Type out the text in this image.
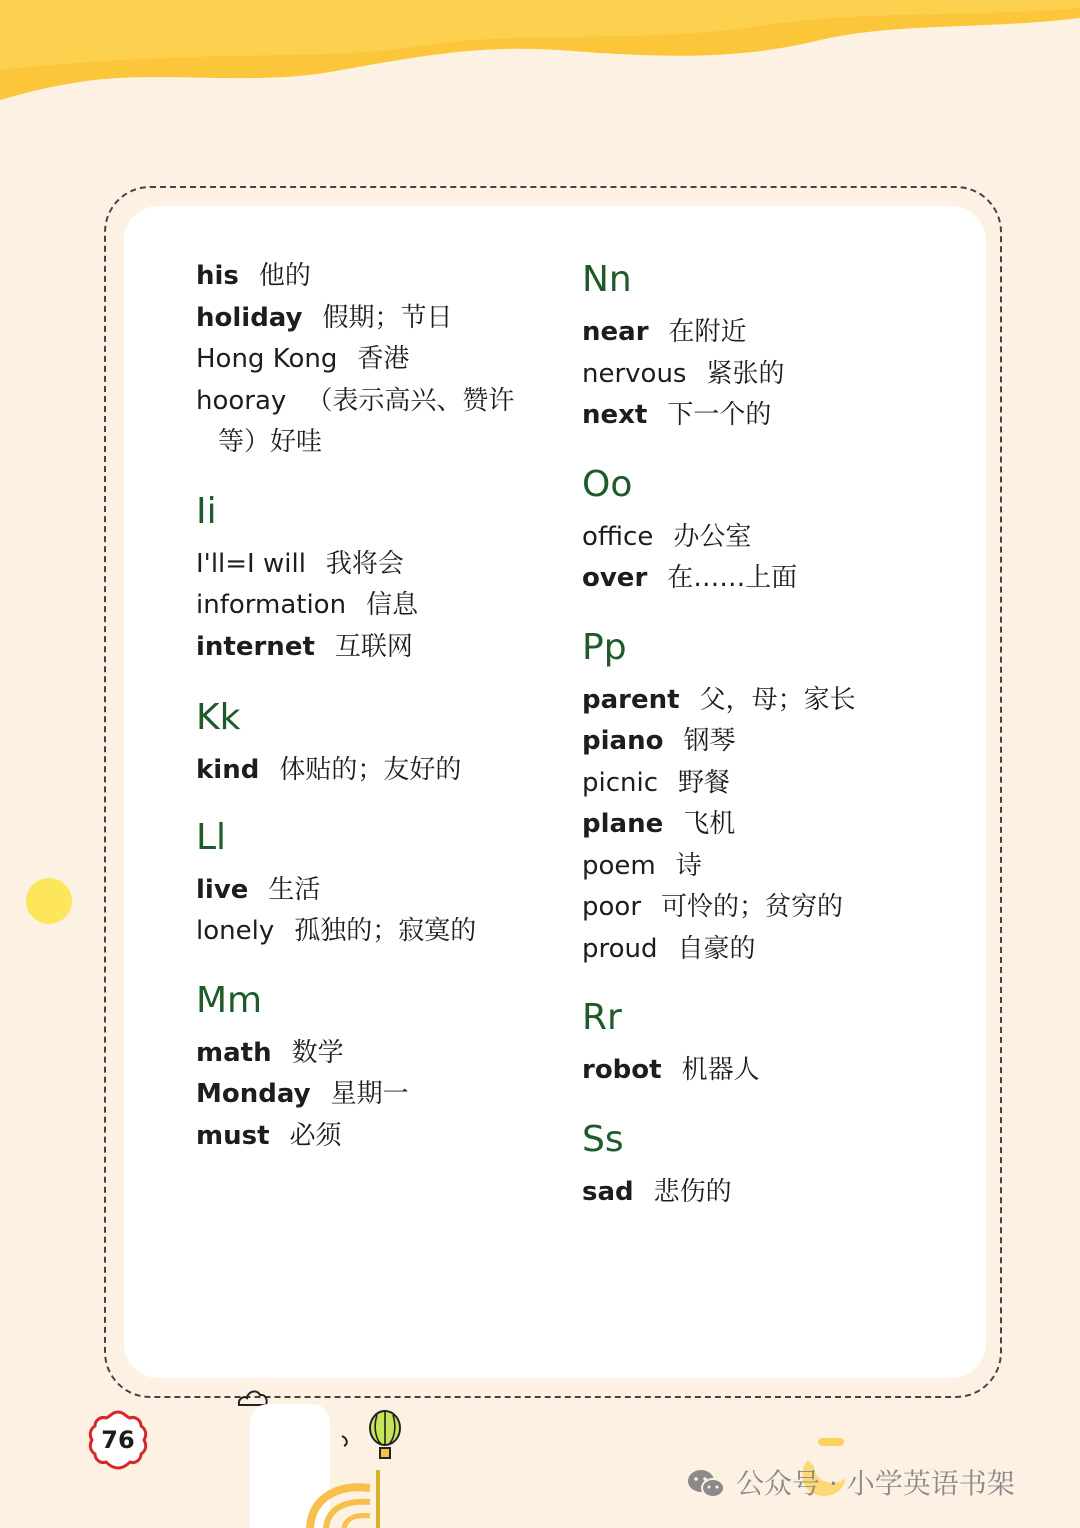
his 他的
holiday 假期；节日
Hong Kong 香港
hooray （表示高兴、赞许
等）好哇
Ii
I'll=I will 我将会
information 信息
internet 互联网
Kk
kind 体贴的；友好的
Ll
live 生活
lonely 孤独的；寂寞的
Mm
math 数学
Monday 星期一
must 必须
Nn
near 在附近
nervous 紧张的
next 下一个的
Oo
office 办公室
over 在……上面
Pp
parent 父，母；家长
piano 钢琴
picnic 野餐
plane 飞机
poem 诗
poor 可怜的；贫穷的
proud 自豪的
Rr
robot 机器人
Ss
sad 悲伤的
76
公众号 · 小学英语书架
